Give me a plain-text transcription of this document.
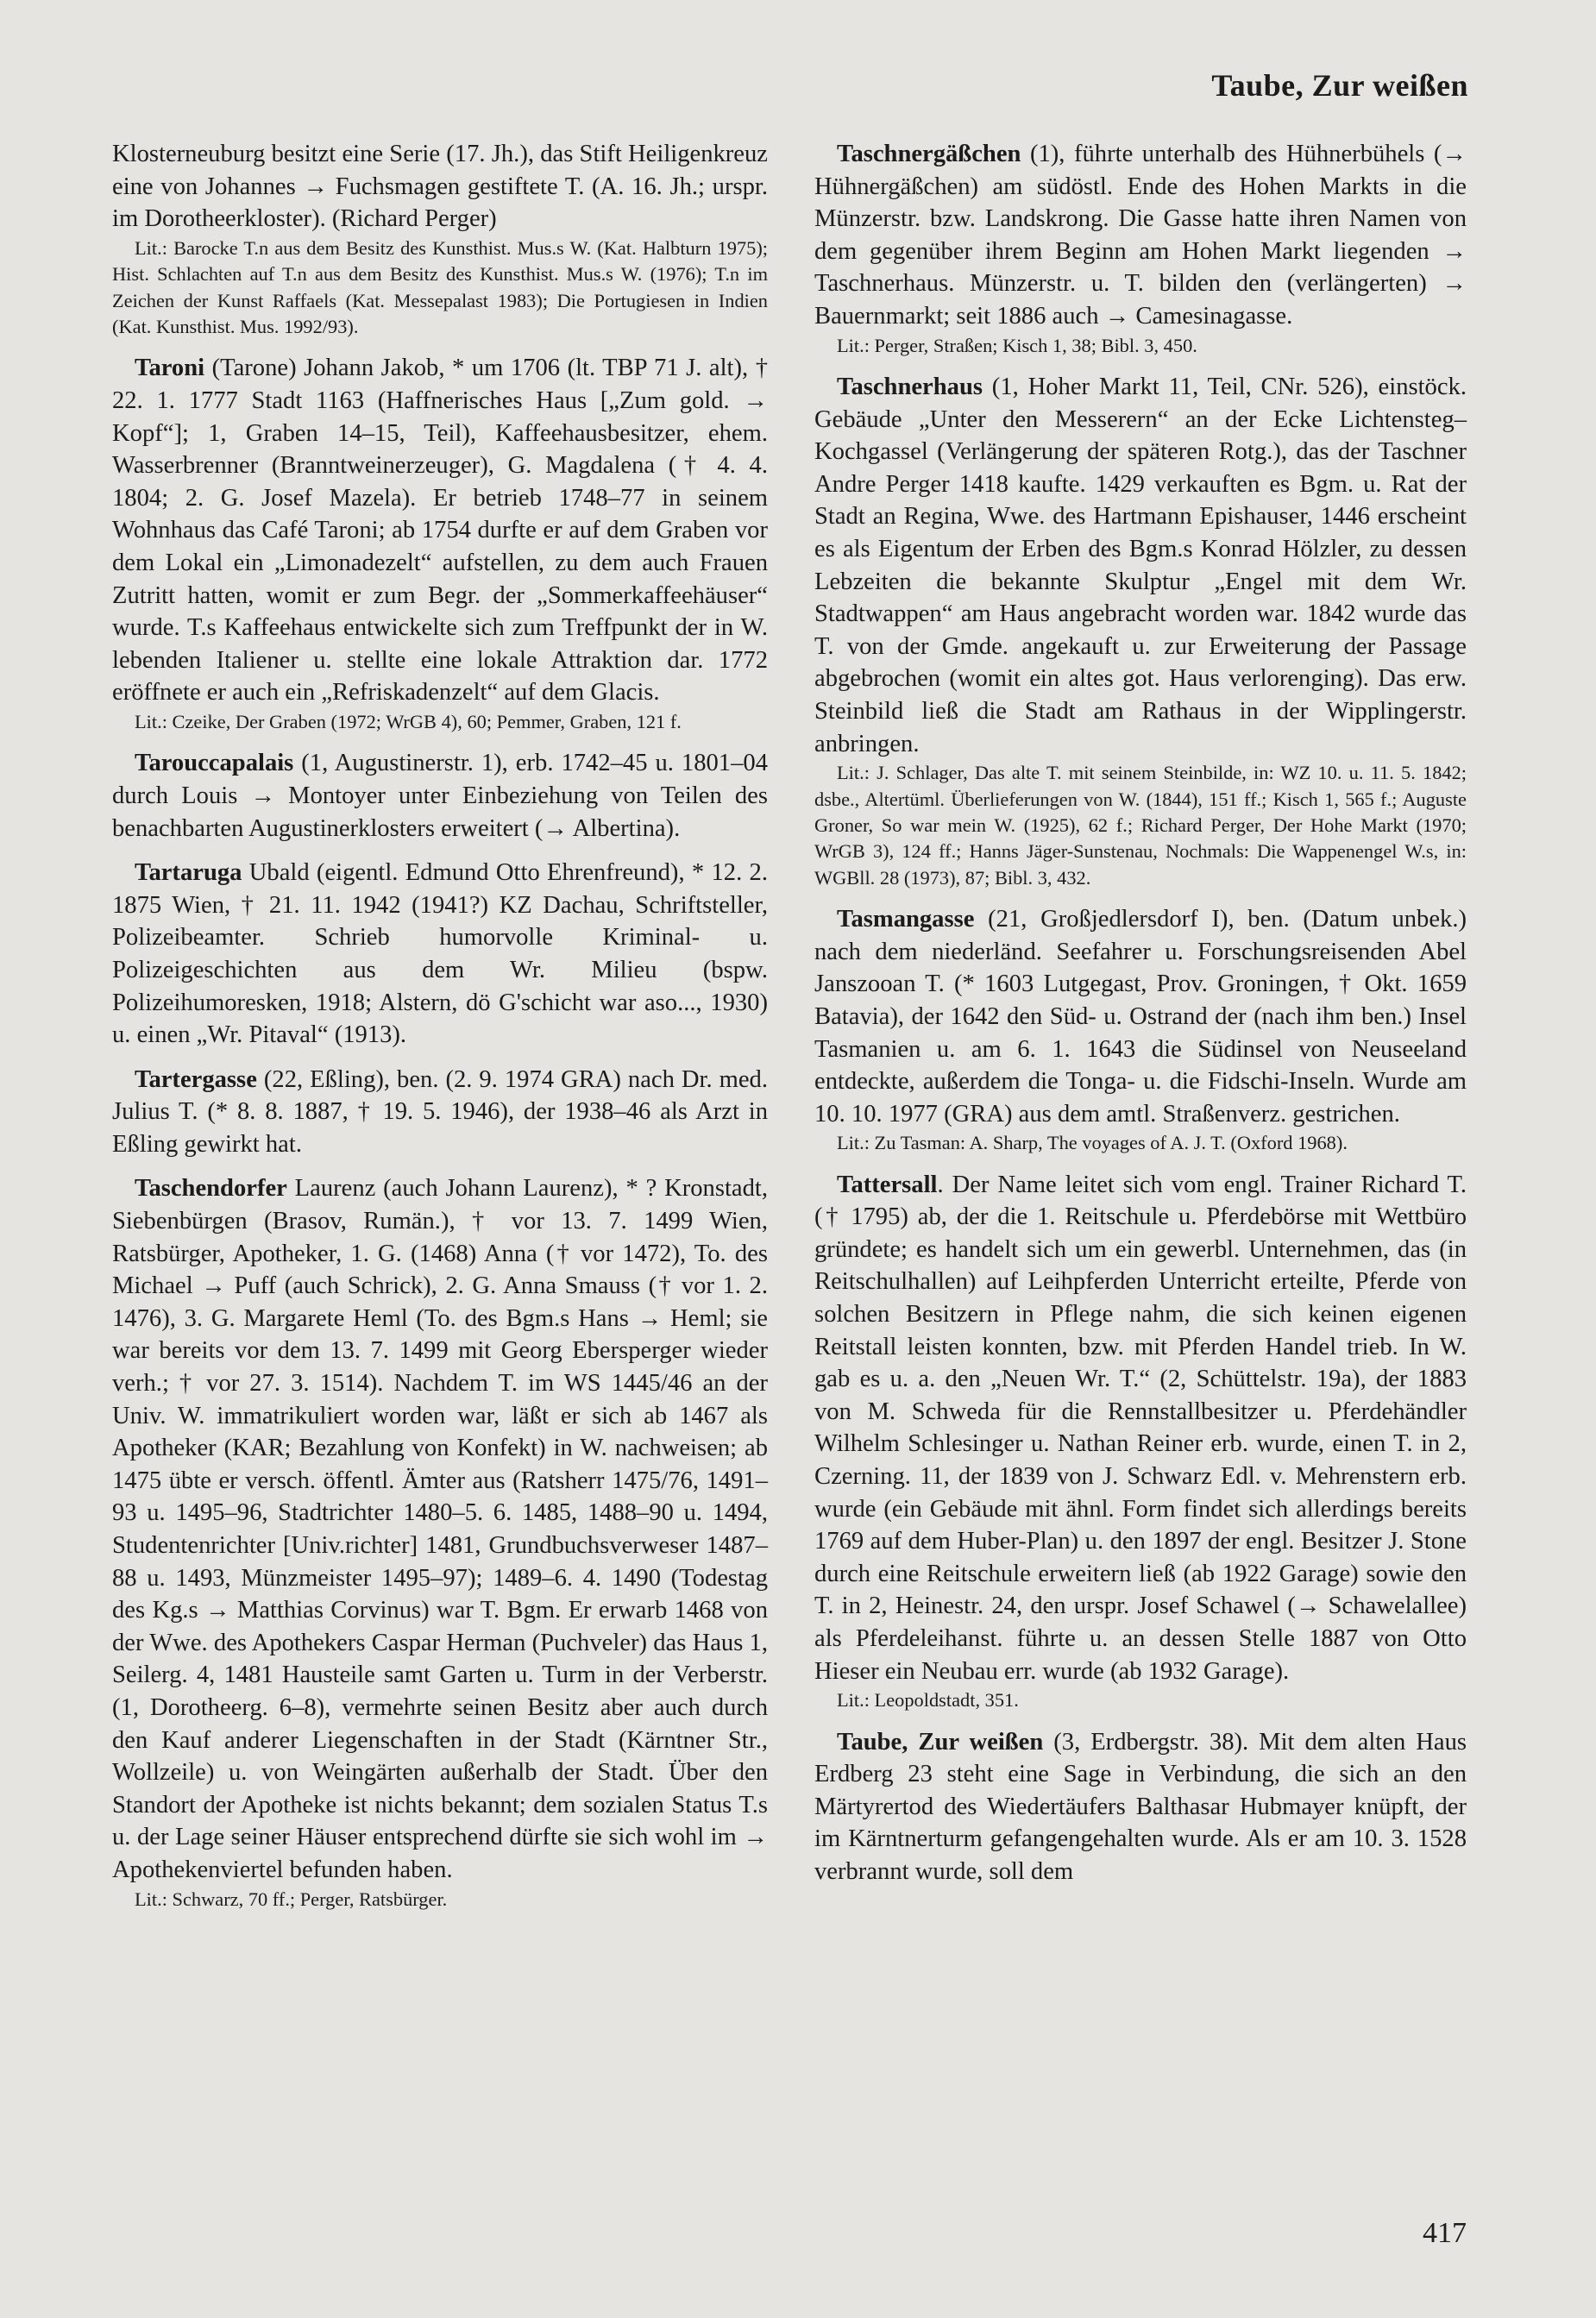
Taube, Zur weißen

Klosterneuburg besitzt eine Serie (17. Jh.), das Stift Heiligenkreuz eine von Johannes → Fuchsmagen gestiftete T. (A. 16. Jh.; urspr. im Dorotheerkloster). (Richard Perger)

Lit.: Barocke T.n aus dem Besitz des Kunsthist. Mus.s W. (Kat. Halbturn 1975); Hist. Schlachten auf T.n aus dem Besitz des Kunsthist. Mus.s W. (1976); T.n im Zeichen der Kunst Raffaels (Kat. Messepalast 1983); Die Portugiesen in Indien (Kat. Kunsthist. Mus. 1992/93).

Taroni (Tarone) Johann Jakob, * um 1706 (lt. TBP 71 J. alt), † 22. 1. 1777 Stadt 1163 (Haffnerisches Haus [„Zum gold. → Kopf“]; 1, Graben 14–15, Teil), Kaffeehausbesitzer, ehem. Wasserbrenner (Branntweinerzeuger), G. Magdalena († 4. 4. 1804; 2. G. Josef Mazela). Er betrieb 1748–77 in seinem Wohnhaus das Café Taroni; ab 1754 durfte er auf dem Graben vor dem Lokal ein „Limonadezelt“ aufstellen, zu dem auch Frauen Zutritt hatten, womit er zum Begr. der „Sommerkaffeehäuser“ wurde. T.s Kaffeehaus entwickelte sich zum Treffpunkt der in W. lebenden Italiener u. stellte eine lokale Attraktion dar. 1772 eröffnete er auch ein „Refriskadenzelt“ auf dem Glacis.

Lit.: Czeike, Der Graben (1972; WrGB 4), 60; Pemmer, Graben, 121 f.

Tarouccapalais (1, Augustinerstr. 1), erb. 1742–45 u. 1801–04 durch Louis → Montoyer unter Einbeziehung von Teilen des benachbarten Augustinerklosters erweitert (→ Albertina).

Tartaruga Ubald (eigentl. Edmund Otto Ehrenfreund), * 12. 2. 1875 Wien, † 21. 11. 1942 (1941?) KZ Dachau, Schriftsteller, Polizeibeamter. Schrieb humorvolle Kriminal- u. Polizeigeschichten aus dem Wr. Milieu (bspw. Polizeihumoresken, 1918; Alstern, dö G'schicht war aso..., 1930) u. einen „Wr. Pitaval“ (1913).

Tartergasse (22, Eßling), ben. (2. 9. 1974 GRA) nach Dr. med. Julius T. (* 8. 8. 1887, † 19. 5. 1946), der 1938–46 als Arzt in Eßling gewirkt hat.

Taschendorfer Laurenz (auch Johann Laurenz), * ? Kronstadt, Siebenbürgen (Brasov, Rumän.), † vor 13. 7. 1499 Wien, Ratsbürger, Apotheker, 1. G. (1468) Anna († vor 1472), To. des Michael → Puff (auch Schrick), 2. G. Anna Smauss († vor 1. 2. 1476), 3. G. Margarete Heml (To. des Bgm.s Hans → Heml; sie war bereits vor dem 13. 7. 1499 mit Georg Ebersperger wieder verh.; † vor 27. 3. 1514). Nachdem T. im WS 1445/46 an der Univ. W. immatrikuliert worden war, läßt er sich ab 1467 als Apotheker (KAR; Bezahlung von Konfekt) in W. nachweisen; ab 1475 übte er versch. öffentl. Ämter aus (Ratsherr 1475/76, 1491–93 u. 1495–96, Stadtrichter 1480–5. 6. 1485, 1488–90 u. 1494, Studentenrichter [Univ.richter] 1481, Grundbuchsverweser 1487–88 u. 1493, Münzmeister 1495–97); 1489–6. 4. 1490 (Todestag des Kg.s → Matthias Corvinus) war T. Bgm. Er erwarb 1468 von der Wwe. des Apothekers Caspar Herman (Puchveler) das Haus 1, Seilerg. 4, 1481 Hausteile samt Garten u. Turm in der Verberstr. (1, Dorotheerg. 6–8), vermehrte seinen Besitz aber auch durch den Kauf anderer Liegenschaften in der Stadt (Kärntner Str., Wollzeile) u. von Weingärten außerhalb der Stadt. Über den Standort der Apotheke ist nichts bekannt; dem sozialen Status T.s u. der Lage seiner Häuser entsprechend dürfte sie sich wohl im → Apothekenviertel befunden haben.

Lit.: Schwarz, 70 ff.; Perger, Ratsbürger.

Taschnergäßchen (1), führte unterhalb des Hühnerbühels (→ Hühnergäßchen) am südöstl. Ende des Hohen Markts in die Münzerstr. bzw. Landskrong. Die Gasse hatte ihren Namen von dem gegenüber ihrem Beginn am Hohen Markt liegenden → Taschnerhaus. Münzerstr. u. T. bilden den (verlängerten) → Bauernmarkt; seit 1886 auch → Camesinagasse.

Lit.: Perger, Straßen; Kisch 1, 38; Bibl. 3, 450.

Taschnerhaus (1, Hoher Markt 11, Teil, CNr. 526), einstöck. Gebäude „Unter den Messerern“ an der Ecke Lichtensteg–Kochgassel (Verlängerung der späteren Rotg.), das der Taschner Andre Perger 1418 kaufte. 1429 verkauften es Bgm. u. Rat der Stadt an Regina, Wwe. des Hartmann Epishauser, 1446 erscheint es als Eigentum der Erben des Bgm.s Konrad Hölzler, zu dessen Lebzeiten die bekannte Skulptur „Engel mit dem Wr. Stadtwappen“ am Haus angebracht worden war. 1842 wurde das T. von der Gmde. angekauft u. zur Erweiterung der Passage abgebrochen (womit ein altes got. Haus verlorenging). Das erw. Steinbild ließ die Stadt am Rathaus in der Wipplingerstr. anbringen.

Lit.: J. Schlager, Das alte T. mit seinem Steinbilde, in: WZ 10. u. 11. 5. 1842; dsbe., Altertüml. Überlieferungen von W. (1844), 151 ff.; Kisch 1, 565 f.; Auguste Groner, So war mein W. (1925), 62 f.; Richard Perger, Der Hohe Markt (1970; WrGB 3), 124 ff.; Hanns Jäger-Sunstenau, Nochmals: Die Wappenengel W.s, in: WGBll. 28 (1973), 87; Bibl. 3, 432.

Tasmangasse (21, Großjedlersdorf I), ben. (Datum unbek.) nach dem niederländ. Seefahrer u. Forschungsreisenden Abel Janszooan T. (* 1603 Lutgegast, Prov. Groningen, † Okt. 1659 Batavia), der 1642 den Süd- u. Ostrand der (nach ihm ben.) Insel Tasmanien u. am 6. 1. 1643 die Südinsel von Neuseeland entdeckte, außerdem die Tonga- u. die Fidschi-Inseln. Wurde am 10. 10. 1977 (GRA) aus dem amtl. Straßenverz. gestrichen.

Lit.: Zu Tasman: A. Sharp, The voyages of A. J. T. (Oxford 1968).

Tattersall. Der Name leitet sich vom engl. Trainer Richard T. († 1795) ab, der die 1. Reitschule u. Pferdebörse mit Wettbüro gründete; es handelt sich um ein gewerbl. Unternehmen, das (in Reitschulhallen) auf Leihpferden Unterricht erteilte, Pferde von solchen Besitzern in Pflege nahm, die sich keinen eigenen Reitstall leisten konnten, bzw. mit Pferden Handel trieb. In W. gab es u. a. den „Neuen Wr. T.“ (2, Schüttelstr. 19a), der 1883 von M. Schweda für die Rennstallbesitzer u. Pferdehändler Wilhelm Schlesinger u. Nathan Reiner erb. wurde, einen T. in 2, Czerning. 11, der 1839 von J. Schwarz Edl. v. Mehrenstern erb. wurde (ein Gebäude mit ähnl. Form findet sich allerdings bereits 1769 auf dem Huber-Plan) u. den 1897 der engl. Besitzer J. Stone durch eine Reitschule erweitern ließ (ab 1922 Garage) sowie den T. in 2, Heinestr. 24, den urspr. Josef Schawel (→ Schawelallee) als Pferdeleihanst. führte u. an dessen Stelle 1887 von Otto Hieser ein Neubau err. wurde (ab 1932 Garage).

Lit.: Leopoldstadt, 351.

Taube, Zur weißen (3, Erdbergstr. 38). Mit dem alten Haus Erdberg 23 steht eine Sage in Verbindung, die sich an den Märtyrertod des Wiedertäufers Balthasar Hubmayer knüpft, der im Kärntnerturm gefangengehalten wurde. Als er am 10. 3. 1528 verbrannt wurde, soll dem

417
